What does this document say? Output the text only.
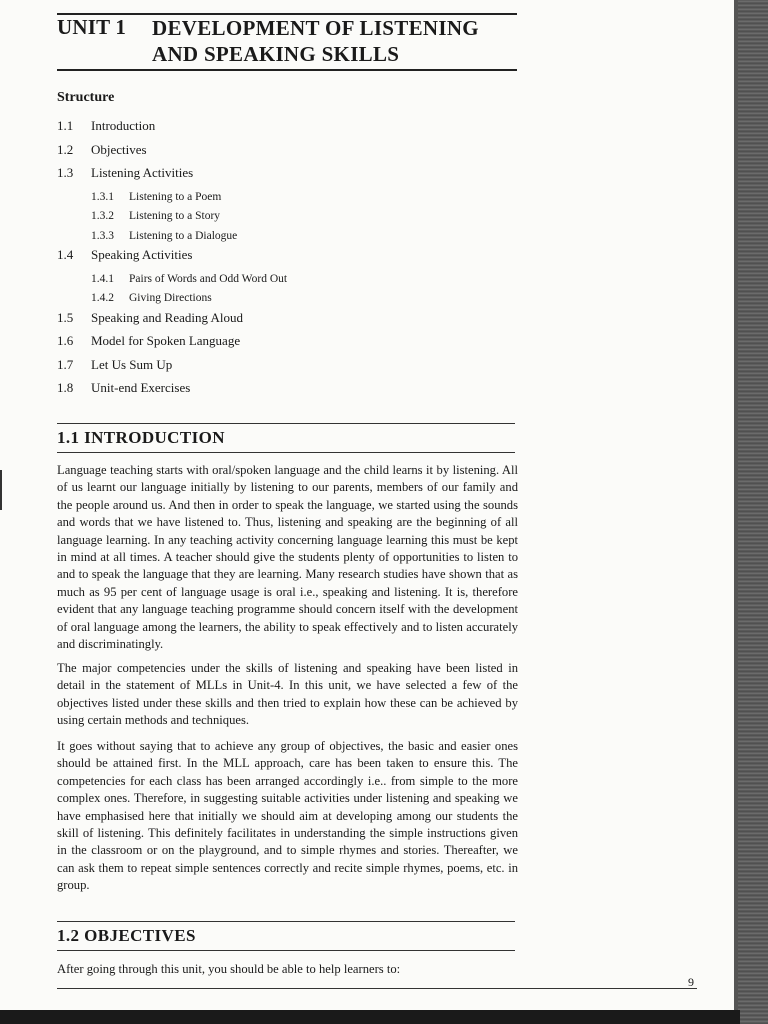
UNIT 1 DEVELOPMENT OF LISTENING
AND SPEAKING SKILLS
Structure
1.1 Introduction
1.2 Objectives
1.3 Listening Activities
1.3.1 Listening to a Poem
1.3.2 Listening to a Story
1.3.3 Listening to a Dialogue
1.4 Speaking Activities
1.4.1 Pairs of Words and Odd Word Out
1.4.2 Giving Directions
1.5 Speaking and Reading Aloud
1.6 Model for Spoken Language
1.7 Let Us Sum Up
1.8 Unit-end Exercises
1.1 INTRODUCTION
Language teaching starts with oral/spoken language and the child learns it by listening. All of us learnt our language initially by listening to our parents, members of our family and the people around us. And then in order to speak the language, we started using the sounds and words that we have listened to. Thus, listening and speaking are the beginning of all language learning. In any teaching activity concerning language learning this must be kept in mind at all times. A teacher should give the students plenty of opportunities to listen to and to speak the language that they are learning. Many research studies have shown that as much as 95 per cent of language usage is oral i.e., speaking and listening. It is, therefore evident that any language teaching programme should concern itself with the development of oral language among the learners, the ability to speak effectively and to listen accurately and discriminatingly.
The major competencies under the skills of listening and speaking have been listed in detail in the statement of MLLs in Unit-4. In this unit, we have selected a few of the objectives listed under these skills and then tried to explain how these can be achieved by using certain methods and techniques.
It goes without saying that to achieve any group of objectives, the basic and easier ones should be attained first. In the MLL approach, care has been taken to ensure this. The competencies for each class has been arranged accordingly i.e.. from simple to the more complex ones. Therefore, in suggesting suitable activities under listening and speaking we have emphasised here that initially we should aim at developing among our students the skill of listening. This definitely facilitates in understanding the simple instructions given in the classroom or on the playground, and to simple rhymes and stories. Thereafter, we can ask them to repeat simple sentences correctly and recite simple rhymes, poems, etc. in group.
1.2 OBJECTIVES
After going through this unit, you should be able to help learners to:
9
